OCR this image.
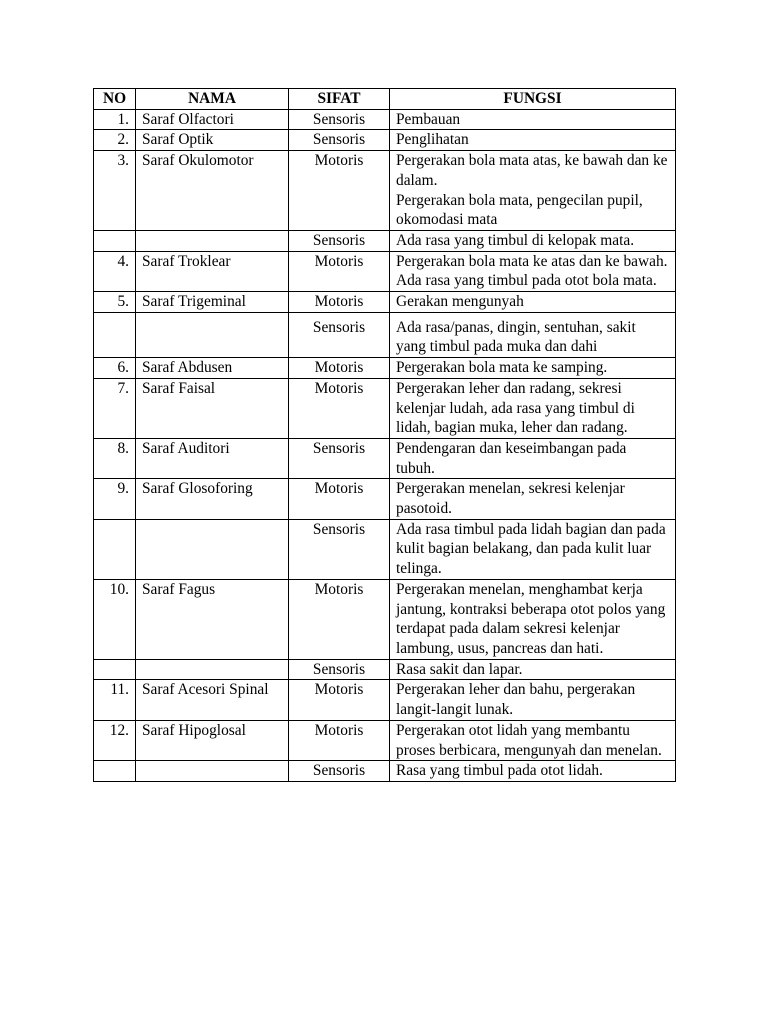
NO	NAMA	SIFAT	FUNGSI
1.	Saraf Olfactori	Sensoris	Pembauan

2.	Saraf Optik	Sensoris	Penglihatan

3.	Saraf Okulomotor	Motoris	Pergerakan bola mata atas, ke bawah dan ke dalam.
Pergerakan bola mata, pengecilan pupil, okomodasi mata

		Sensoris	Ada rasa yang timbul di kelopak mata.

4.	Saraf Troklear	Motoris	Pergerakan bola mata ke atas dan ke bawah.
Ada rasa yang timbul pada otot bola mata.

5.	Saraf Trigeminal	Motoris	Gerakan mengunyah

		Sensoris	Ada rasa/panas, dingin, sentuhan, sakit yang timbul pada muka dan dahi

6.	Saraf Abdusen	Motoris	Pergerakan bola mata ke samping.

7.	Saraf Faisal	Motoris	Pergerakan leher dan radang, sekresi kelenjar ludah, ada rasa yang timbul di lidah, bagian muka, leher dan radang.

8.	Saraf Auditori	Sensoris	Pendengaran dan keseimbangan pada tubuh.

9.	Saraf Glosoforing	Motoris	Pergerakan menelan, sekresi kelenjar pasotoid.

		Sensoris	Ada rasa timbul pada lidah bagian dan pada kulit bagian belakang, dan pada kulit luar telinga.

10.	Saraf Fagus	Motoris	Pergerakan menelan, menghambat kerja jantung, kontraksi beberapa otot polos yang terdapat pada dalam sekresi kelenjar lambung, usus, pancreas dan hati.

		Sensoris	Rasa sakit dan lapar.

11.	Saraf Acesori Spinal	Motoris	Pergerakan leher dan bahu, pergerakan langit-langit lunak.

12.	Saraf Hipoglosal	Motoris	Pergerakan otot lidah yang membantu proses berbicara, mengunyah dan menelan.

		Sensoris	Rasa yang timbul pada otot lidah.
